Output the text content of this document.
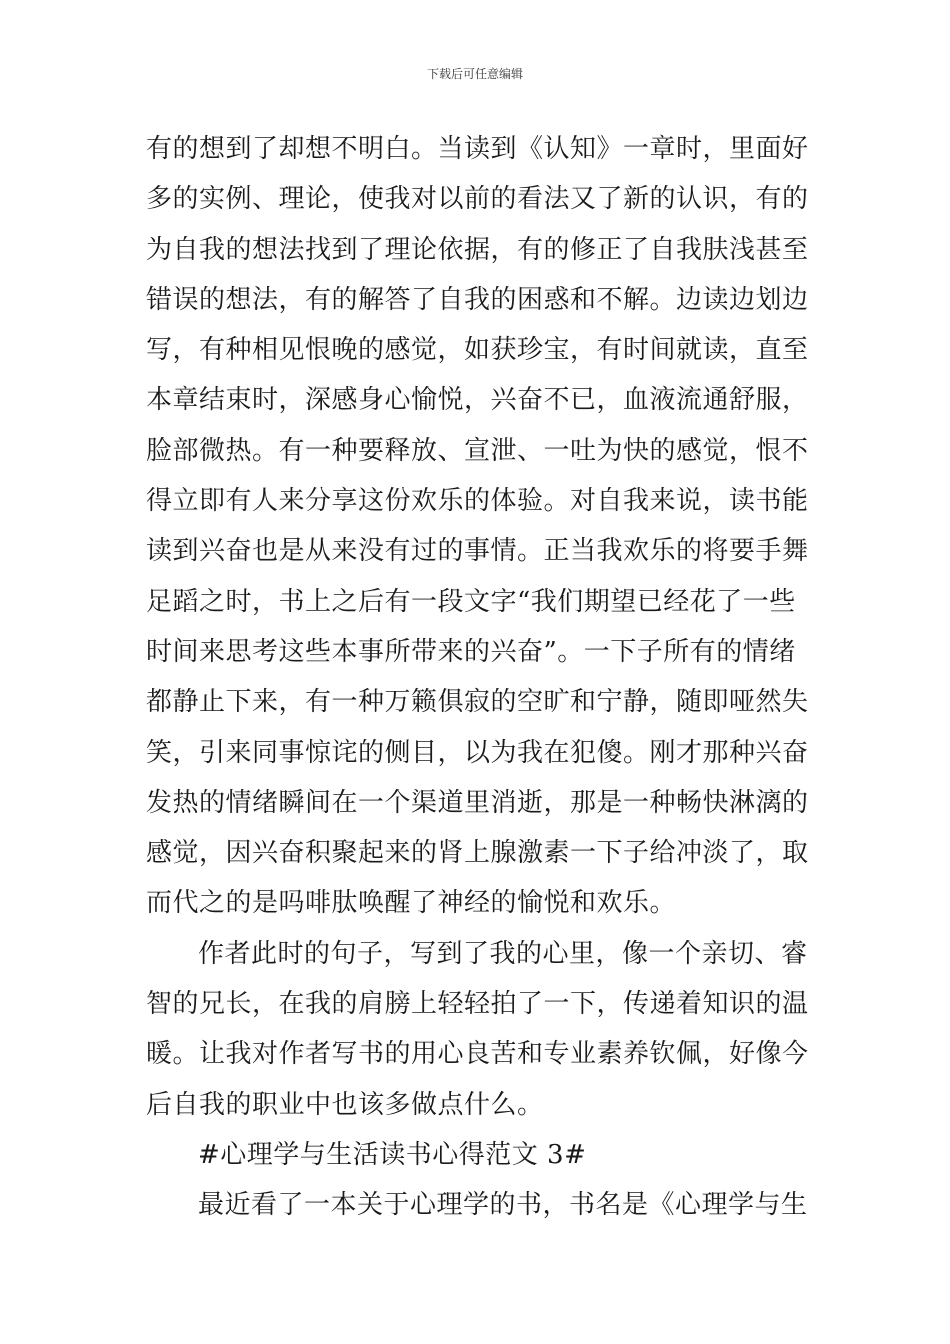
下载后可任意编辑
有的想到了却想不明白。当读到《认知》一章时，里面好
多的实例、理论，使我对以前的看法又了新的认识，有的
为自我的想法找到了理论依据，有的修正了自我肤浅甚至
错误的想法，有的解答了自我的困惑和不解。边读边划边
写，有种相见恨晚的感觉，如获珍宝，有时间就读，直至
本章结束时，深感身心愉悦，兴奋不已，血液流通舒服，
脸部微热。有一种要释放、宣泄、一吐为快的感觉，恨不
得立即有人来分享这份欢乐的体验。对自我来说，读书能
读到兴奋也是从来没有过的事情。正当我欢乐的将要手舞
足蹈之时，书上之后有一段文字“我们期望已经花了一些
时间来思考这些本事所带来的兴奋”。一下子所有的情绪
都静止下来，有一种万籁俱寂的空旷和宁静，随即哑然失
笑，引来同事惊诧的侧目，以为我在犯傻。刚才那种兴奋
发热的情绪瞬间在一个渠道里消逝，那是一种畅快淋漓的
感觉，因兴奋积聚起来的肾上腺激素一下子给冲淡了，取
而代之的是吗啡肽唤醒了神经的愉悦和欢乐。
作者此时的句子，写到了我的心里，像一个亲切、睿
智的兄长，在我的肩膀上轻轻拍了一下，传递着知识的温
暖。让我对作者写书的用心良苦和专业素养钦佩，好像今
后自我的职业中也该多做点什么。
#心理学与生活读书心得范文 3#
最近看了一本关于心理学的书，书名是《心理学与生
